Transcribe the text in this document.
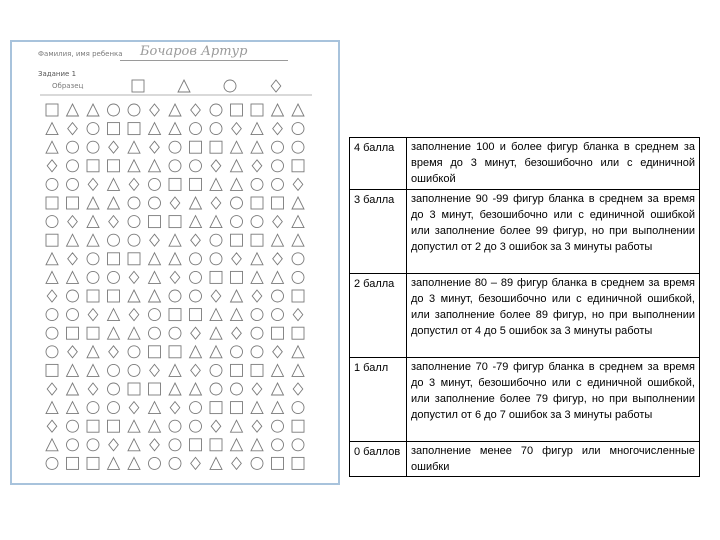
Фамилия, имя ребенка Бочаров Артур
Задание 1
Образец
4 балла	заполнение 100 и более фигур бланка в среднем за время до 3 минут, безошибочно или с единичной ошибкой
3 балла	заполнение 90 -99 фигур бланка в среднем за время до 3 минут, безошибочно или с единичной ошибкой или заполнение более 99 фигур, но при выполнении допустил от 2 до 3 ошибок за 3 минуты работы
2 балла	заполнение 80 – 89 фигур бланка в среднем за время до 3 минут, безошибочно или с единичной ошибкой, или заполнение более 89 фигур, но при выполнении допустил от 4 до 5 ошибок за 3 минуты работы
1 балл	заполнение 70 -79 фигур бланка в среднем за время до 3 минут, безошибочно или с единичной ошибкой, или заполнение более 79 фигур, но при выполнении допустил от 6 до 7 ошибок за 3 минуты работы
0 баллов	заполнение менее 70 фигур или многочисленные ошибки
